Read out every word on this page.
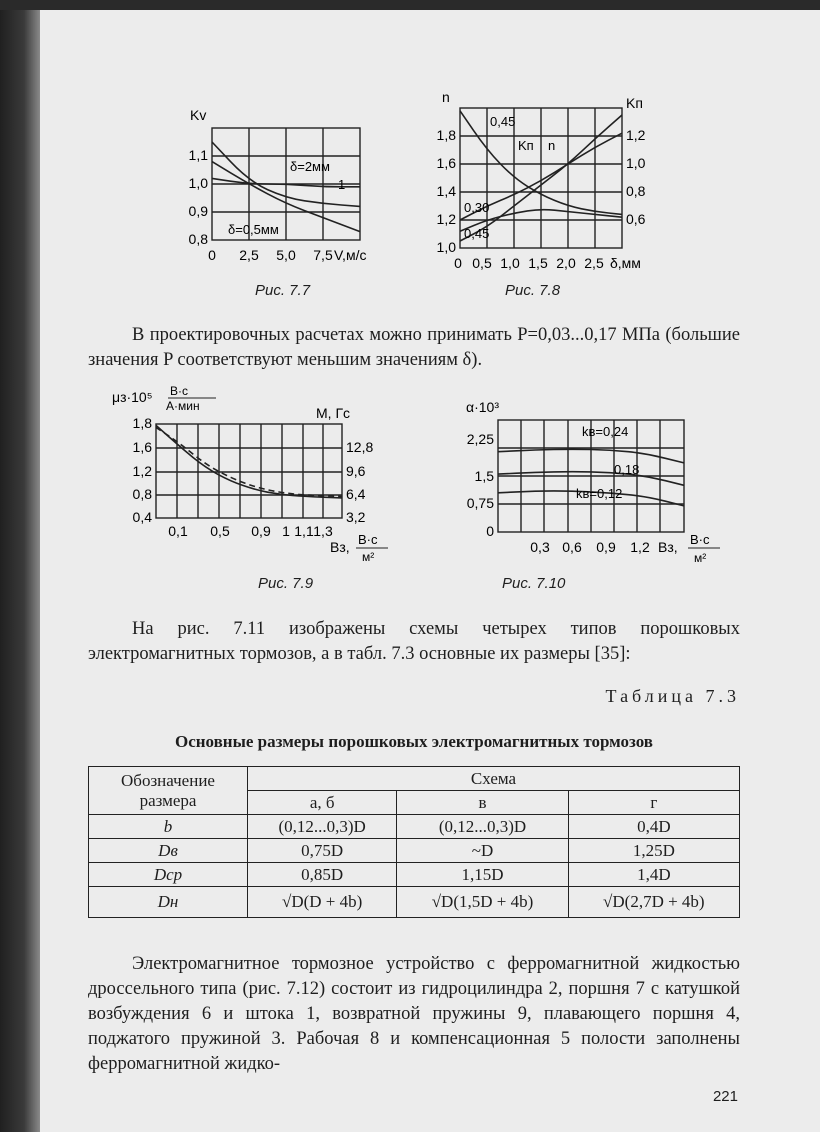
Kv
1,1
1,0
0,9
0,8
0 2,5 5,0 7,5 V,м/с
δ=2мм
1
δ=0,5мм
Рис. 7.7
n	Kп
1,8
1,6
1,4
1,2
1,0
1,2
1,0
0,8
0,6
0 0,5 1,0 1,5 2,0 2,5 δ,мм
0,45
Kп n
0,30
0,45
Рис. 7.8
В проектировочных расчетах можно принимать P=0,03...0,17 МПа (большие значения P соответствуют меньшим значениям δ).
μз·10⁵ В·с
А·мин	М, Гс
1,8
1,6
1,2
0,8
0,4
12,8
9,6
6,4
3,2
0,1 0,5 0,9 1 1,1 1,3
Bз, В·с
м²
Рис. 7.9
α·10³
2,25
1,5
0,75
0
0,3 0,6 0,9 1,2 Bз, В·с
м²
kв=0,24
0,18
kв=0,12
Рис. 7.10
На рис. 7.11 изображены схемы четырех типов порошковых электромагнитных тормозов, а в табл. 7.3 основные их размеры [35]:
Таблица 7.3
Основные размеры порошковых электромагнитных тормозов
Обозначение размера	Схема		
	а, б	в	г
b	(0,12...0,3)D	(0,12...0,3)D	0,4D
Dв	0,75D	~D	1,25D
Dср	0,85D	1,15D	1,4D
Dн	√D(D + 4b)	√D(1,5D + 4b)	√D(2,7D + 4b)
Электромагнитное тормозное устройство с ферромагнитной жидкостью дроссельного типа (рис. 7.12) состоит из гидроцилиндра 2, поршня 7 с катушкой возбуждения 6 и штока 1, возвратной пружины 9, плавающего поршня 4, поджатого пружиной 3. Рабочая 8 и компенсационная 5 полости заполнены ферромагнитной жидко-
221
